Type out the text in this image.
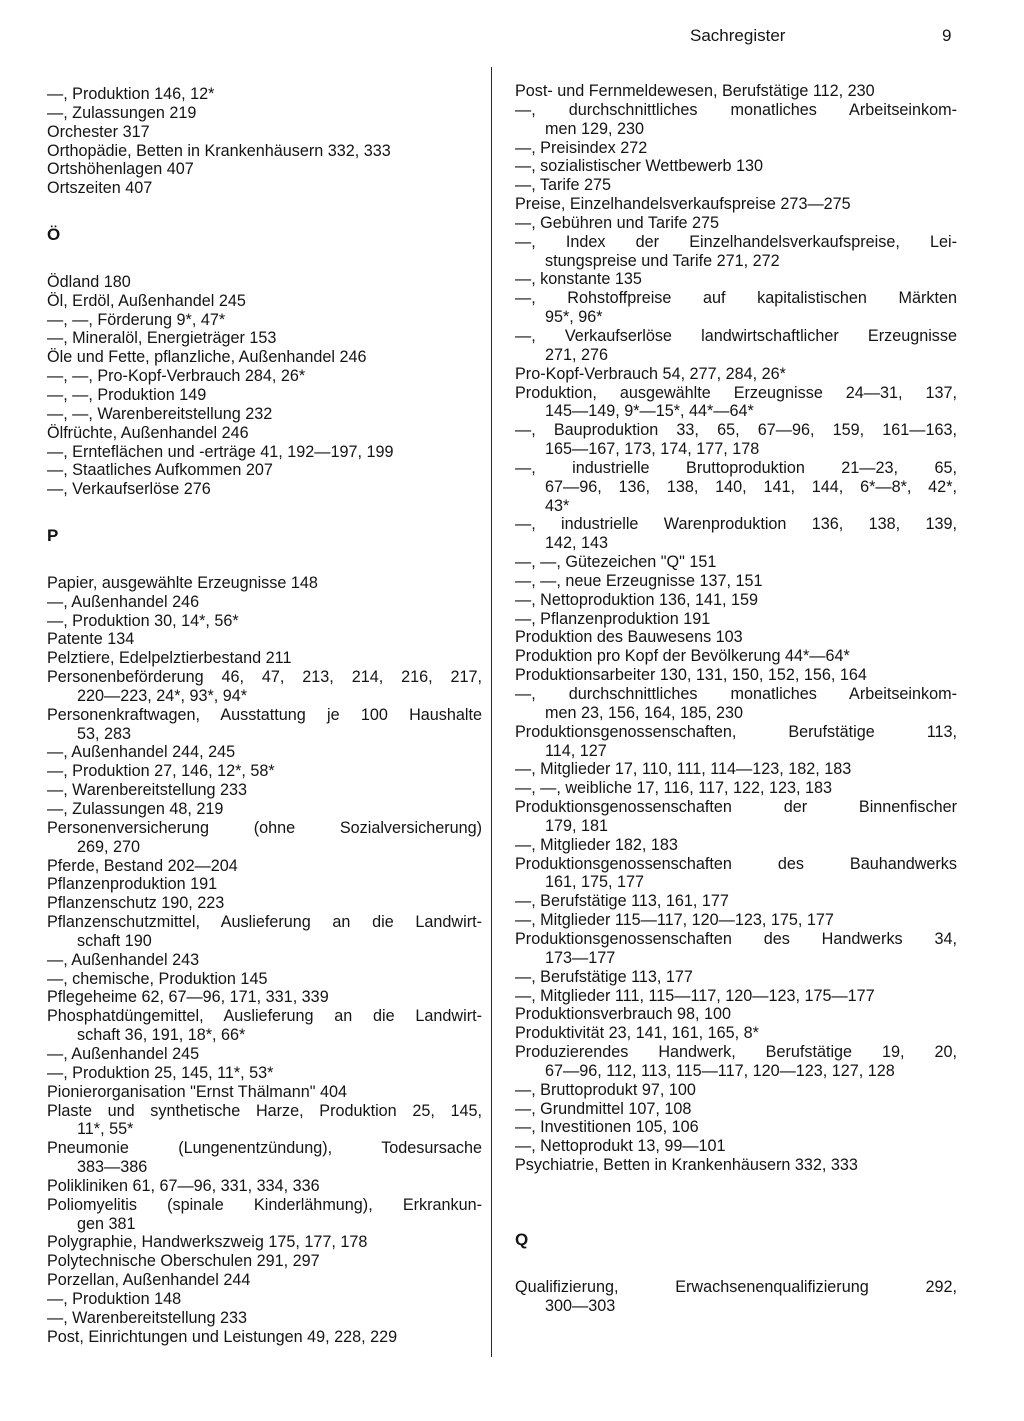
Sachregister	9
—, Produktion 146, 12*
—, Zulassungen 219
Orchester 317
Orthopädie, Betten in Krankenhäusern 332, 333
Ortshöhenlagen 407
Ortszeiten 407
Ö
Ödland 180
Öl, Erdöl, Außenhandel 245
—, —, Förderung 9*, 47*
—, Mineralöl, Energieträger 153
Öle und Fette, pflanzliche, Außenhandel 246
—, —, Pro-Kopf-Verbrauch 284, 26*
—, —, Produktion 149
—, —, Warenbereitstellung 232
Ölfrüchte, Außenhandel 246
—, Ernteflächen und -erträge 41, 192—197, 199
—, Staatliches Aufkommen 207
—, Verkaufserlöse 276
P
Papier, ausgewählte Erzeugnisse 148
—, Außenhandel 246
—, Produktion 30, 14*, 56*
Patente 134
Pelztiere, Edelpelztierbestand 211
Personenbeförderung 46, 47, 213, 214, 216, 217,
220—223, 24*, 93*, 94*
Personenkraftwagen, Ausstattung je 100 Haushalte
53, 283
—, Außenhandel 244, 245
—, Produktion 27, 146, 12*, 58*
—, Warenbereitstellung 233
—, Zulassungen 48, 219
Personenversicherung (ohne Sozialversicherung)
269, 270
Pferde, Bestand 202—204
Pflanzenproduktion 191
Pflanzenschutz 190, 223
Pflanzenschutzmittel, Auslieferung an die Landwirt-
schaft 190
—, Außenhandel 243
—, chemische, Produktion 145
Pflegeheime 62, 67—96, 171, 331, 339
Phosphatdüngemittel, Auslieferung an die Landwirt-
schaft 36, 191, 18*, 66*
—, Außenhandel 245
—, Produktion 25, 145, 11*, 53*
Pionierorganisation "Ernst Thälmann" 404
Plaste und synthetische Harze, Produktion 25, 145,
11*, 55*
Pneumonie (Lungenentzündung), Todesursache
383—386
Polikliniken 61, 67—96, 331, 334, 336
Poliomyelitis (spinale Kinderlähmung), Erkrankun-
gen 381
Polygraphie, Handwerkszweig 175, 177, 178
Polytechnische Oberschulen 291, 297
Porzellan, Außenhandel 244
—, Produktion 148
—, Warenbereitstellung 233
Post, Einrichtungen und Leistungen 49, 228, 229
Post- und Fernmeldewesen, Berufstätige 112, 230
—, durchschnittliches monatliches Arbeitseinkom-
men 129, 230
—, Preisindex 272
—, sozialistischer Wettbewerb 130
—, Tarife 275
Preise, Einzelhandelsverkaufspreise 273—275
—, Gebühren und Tarife 275
—, Index der Einzelhandelsverkaufspreise, Lei-
stungspreise und Tarife 271, 272
—, konstante 135
—, Rohstoffpreise auf kapitalistischen Märkten
95*, 96*
—, Verkaufserlöse landwirtschaftlicher Erzeugnisse
271, 276
Pro-Kopf-Verbrauch 54, 277, 284, 26*
Produktion, ausgewählte Erzeugnisse 24—31, 137,
145—149, 9*—15*, 44*—64*
—, Bauproduktion 33, 65, 67—96, 159, 161—163,
165—167, 173, 174, 177, 178
—, industrielle Bruttoproduktion 21—23, 65,
67—96, 136, 138, 140, 141, 144, 6*—8*, 42*,
43*
—, industrielle Warenproduktion 136, 138, 139,
142, 143
—, —, Gütezeichen "Q" 151
—, —, neue Erzeugnisse 137, 151
—, Nettoproduktion 136, 141, 159
—, Pflanzenproduktion 191
Produktion des Bauwesens 103
Produktion pro Kopf der Bevölkerung 44*—64*
Produktionsarbeiter 130, 131, 150, 152, 156, 164
—, durchschnittliches monatliches Arbeitseinkom-
men 23, 156, 164, 185, 230
Produktionsgenossenschaften, Berufstätige 113,
114, 127
—, Mitglieder 17, 110, 111, 114—123, 182, 183
—, —, weibliche 17, 116, 117, 122, 123, 183
Produktionsgenossenschaften der Binnenfischer
179, 181
—, Mitglieder 182, 183
Produktionsgenossenschaften des Bauhandwerks
161, 175, 177
—, Berufstätige 113, 161, 177
—, Mitglieder 115—117, 120—123, 175, 177
Produktionsgenossenschaften des Handwerks 34,
173—177
—, Berufstätige 113, 177
—, Mitglieder 111, 115—117, 120—123, 175—177
Produktionsverbrauch 98, 100
Produktivität 23, 141, 161, 165, 8*
Produzierendes Handwerk, Berufstätige 19, 20,
67—96, 112, 113, 115—117, 120—123, 127, 128
—, Bruttoprodukt 97, 100
—, Grundmittel 107, 108
—, Investitionen 105, 106
—, Nettoprodukt 13, 99—101
Psychiatrie, Betten in Krankenhäusern 332, 333
Q
Qualifizierung, Erwachsenenqualifizierung 292,
300—303
